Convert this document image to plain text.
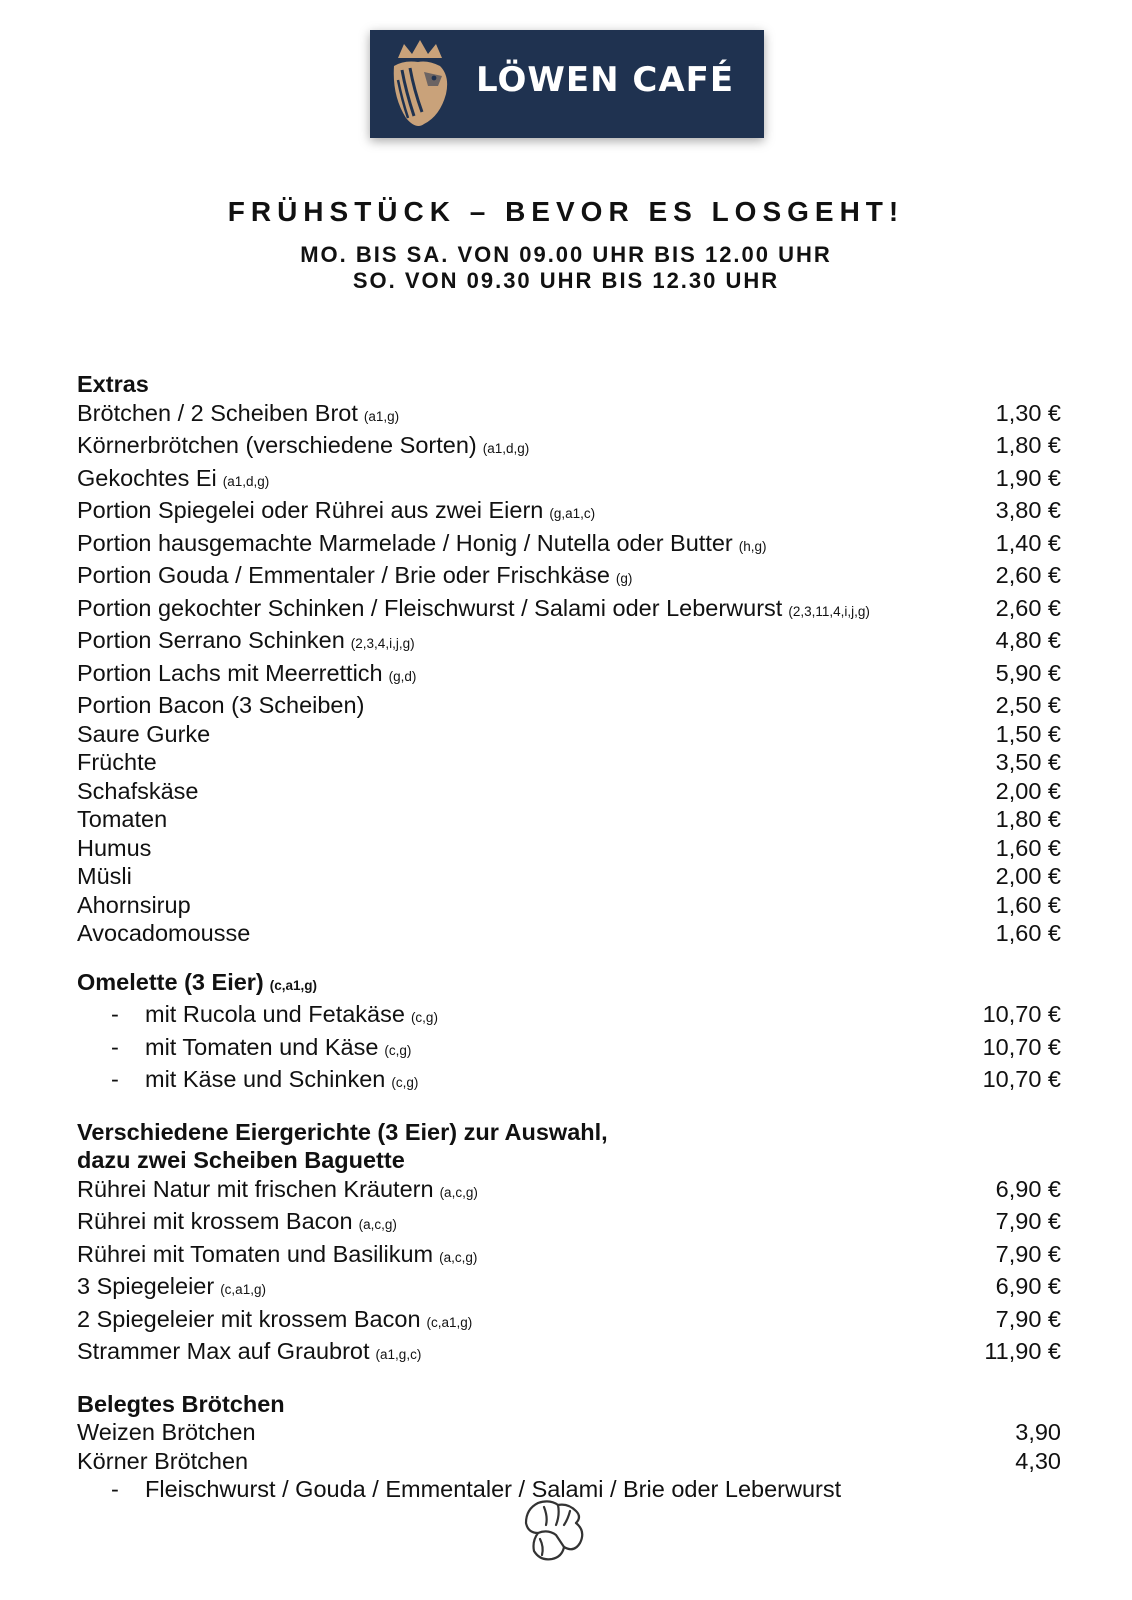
LÖWEN CAFÉ
FRÜHSTÜCK – BEVOR ES LOSGEHT!
MO. BIS SA. VON 09.00 UHR BIS 12.00 UHR
SO. VON 09.30 UHR BIS 12.30 UHR
Extras
Brötchen / 2 Scheiben Brot (a1,g)	1,30 €
Körnerbrötchen (verschiedene Sorten) (a1,d,g)	1,80 €
Gekochtes Ei (a1,d,g)	1,90 €
Portion Spiegelei oder Rührei aus zwei Eiern (g,a1,c)	3,80 €
Portion hausgemachte Marmelade / Honig / Nutella oder Butter (h,g)	1,40 €
Portion Gouda / Emmentaler / Brie oder Frischkäse (g)	2,60 €
Portion gekochter Schinken / Fleischwurst / Salami oder Leberwurst (2,3,11,4,i,j,g)	2,60 €
Portion Serrano Schinken (2,3,4,i,j,g)	4,80 €
Portion Lachs mit Meerrettich (g,d)	5,90 €
Portion Bacon (3 Scheiben)	2,50 €
Saure Gurke	1,50 €
Früchte	3,50 €
Schafskäse	2,00 €
Tomaten	1,80 €
Humus	1,60 €
Müsli	2,00 €
Ahornsirup	1,60 €
Avocadomousse	1,60 €
Omelette (3 Eier) (c,a1,g)
- mit Rucola und Fetakäse (c,g)	10,70 €
- mit Tomaten und Käse (c,g)	10,70 €
- mit Käse und Schinken (c,g)	10,70 €
Verschiedene Eiergerichte (3 Eier) zur Auswahl,
dazu zwei Scheiben Baguette
Rührei Natur mit frischen Kräutern (a,c,g)	6,90 €
Rührei mit krossem Bacon (a,c,g)	7,90 €
Rührei mit Tomaten und Basilikum (a,c,g)	7,90 €
3 Spiegeleier (c,a1,g)	6,90 €
2 Spiegeleier mit krossem Bacon (c,a1,g)	7,90 €
Strammer Max auf Graubrot (a1,g,c)	11,90 €
Belegtes Brötchen
Weizen Brötchen	3,90
Körner Brötchen	4,30
- Fleischwurst / Gouda / Emmentaler / Salami / Brie oder Leberwurst
